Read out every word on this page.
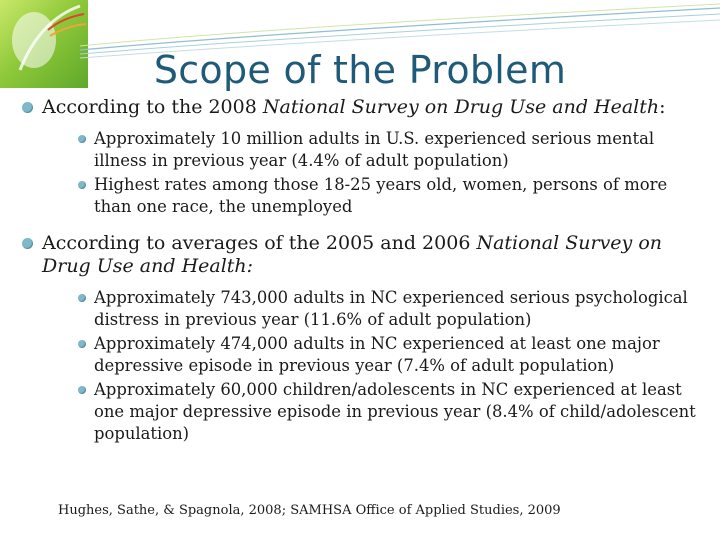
Scope of the Problem
According to the 2008 National Survey on Drug Use and Health:
Approximately 10 million adults in U.S. experienced serious mental illness in previous year (4.4% of adult population)
Highest rates among those 18-25 years old, women, persons of more than one race, the unemployed
According to averages of the 2005 and 2006 National Survey on Drug Use and Health:
Approximately 743,000 adults in NC experienced serious psychological distress in previous year (11.6% of adult population)
Approximately 474,000 adults in NC experienced at least one major depressive episode in previous year (7.4% of adult population)
Approximately 60,000 children/adolescents in NC experienced at least one major depressive episode in previous year (8.4% of child/adolescent population)
Hughes, Sathe, & Spagnola, 2008; SAMHSA Office of Applied Studies, 2009
